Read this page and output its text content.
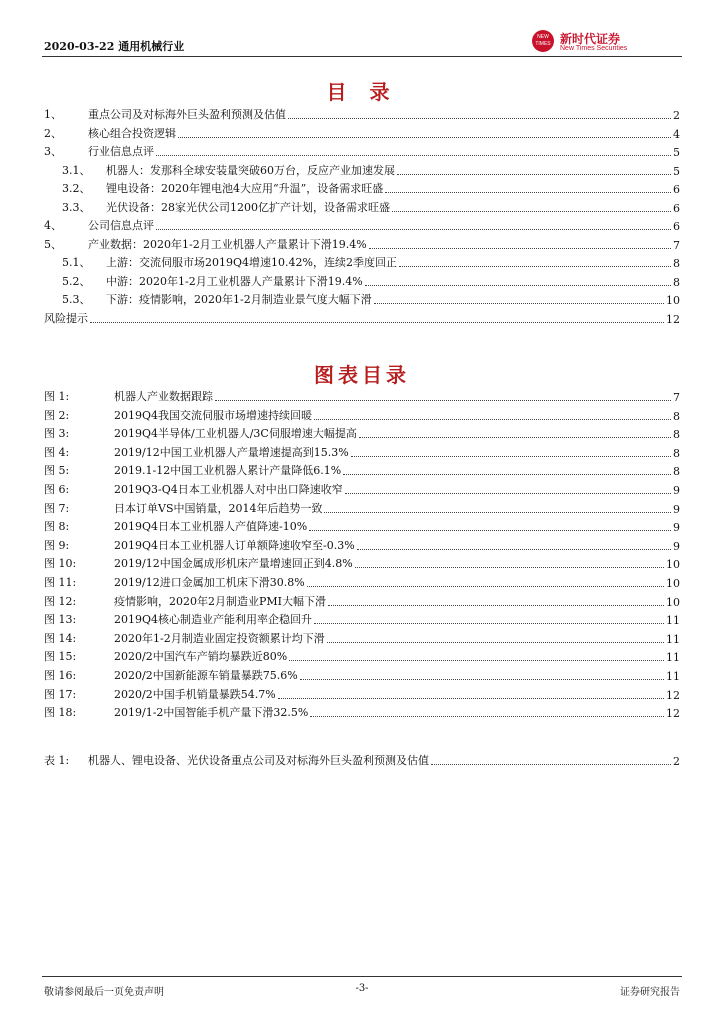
2020-03-22 通用机械行业
NEW TIMES 新时代证券
New Times Securities
目 录
1、	重点公司及对标海外巨头盈利预测及估值	2
2、	核心组合投资逻辑	4
3、	行业信息点评	5
3.1、	机器人：发那科全球安装量突破60万台，反应产业加速发展	5
3.2、	锂电设备：2020年锂电池4大应用“升温”，设备需求旺盛	6
3.3、	光伏设备：28家光伏公司1200亿扩产计划，设备需求旺盛	6
4、	公司信息点评	6
5、	产业数据：2020年1-2月工业机器人产量累计下滑19.4%	7
5.1、	上游：交流伺服市场2019Q4增速10.42%，连续2季度回正	8
5.2、	中游：2020年1-2月工业机器人产量累计下滑19.4%	8
5.3、	下游：疫情影响，2020年1-2月制造业景气度大幅下滑	10
风险提示	12
图表目录
图 1:	机器人产业数据跟踪	7
图 2:	2019Q4我国交流伺服市场增速持续回暖	8
图 3:	2019Q4半导体/工业机器人/3C伺服增速大幅提高	8
图 4:	2019/12中国工业机器人产量增速提高到15.3%	8
图 5:	2019.1-12中国工业机器人累计产量降低6.1%	8
图 6:	2019Q3-Q4日本工业机器人对中出口降速收窄	9
图 7:	日本订单VS中国销量，2014年后趋势一致	9
图 8:	2019Q4日本工业机器人产值降速-10%	9
图 9:	2019Q4日本工业机器人订单额降速收窄至-0.3%	9
图 10:	2019/12中国金属成形机床产量增速回正到4.8%	10
图 11:	2019/12进口金属加工机床下滑30.8%	10
图 12:	疫情影响，2020年2月制造业PMI大幅下滑	10
图 13:	2019Q4核心制造业产能利用率企稳回升	11
图 14:	2020年1-2月制造业固定投资额累计均下滑	11
图 15:	2020/2中国汽车产销均暴跌近80%	11
图 16:	2020/2中国新能源车销量暴跌75.6%	11
图 17:	2020/2中国手机销量暴跌54.7%	12
图 18:	2019/1-2中国智能手机产量下滑32.5%	12
表 1:	机器人、锂电设备、光伏设备重点公司及对标海外巨头盈利预测及估值	2
敬请参阅最后一页免责声明	-3-	证券研究报告
